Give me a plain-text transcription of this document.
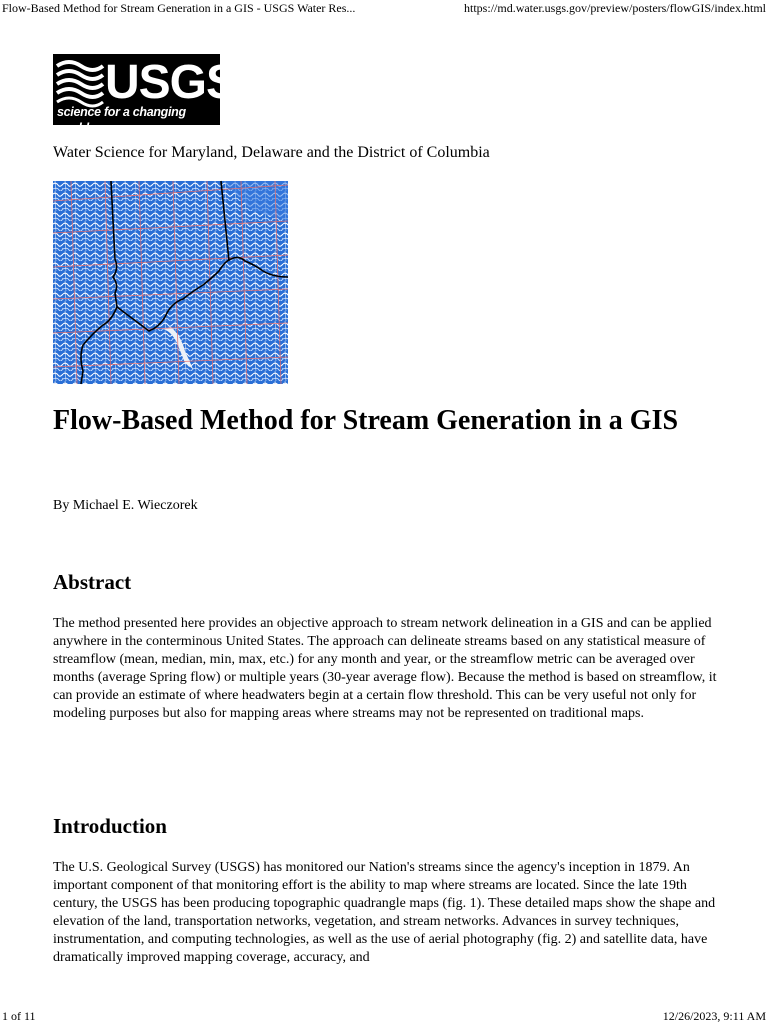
Flow-Based Method for Stream Generation in a GIS - USGS Water Res...	https://md.water.usgs.gov/preview/posters/flowGIS/index.html
USGS
science for a changing world
Water Science for Maryland, Delaware and the District of Columbia
Flow-Based Method for Stream Generation in a GIS
By Michael E. Wieczorek
Abstract

The method presented here provides an objective approach to stream network delineation in a GIS and can be applied anywhere in the conterminous United States. The approach can delineate streams based on any statistical measure of streamflow (mean, median, min, max, etc.) for any month and year, or the streamflow metric can be averaged over months (average Spring flow) or multiple years (30-year average flow). Because the method is based on streamflow, it can provide an estimate of where headwaters begin at a certain flow threshold. This can be very useful not only for modeling purposes but also for mapping areas where streams may not be represented on traditional maps.

Introduction

The U.S. Geological Survey (USGS) has monitored our Nation's streams since the agency's inception in 1879. An important component of that monitoring effort is the ability to map where streams are located. Since the late 19th century, the USGS has been producing topographic quadrangle maps (fig. 1). These detailed maps show the shape and elevation of the land, transportation networks, vegetation, and stream networks. Advances in survey techniques, instrumentation, and computing technologies, as well as the use of aerial photography (fig. 2) and satellite data, have dramatically improved mapping coverage, accuracy, and

1 of 11	12/26/2023, 9:11 AM
